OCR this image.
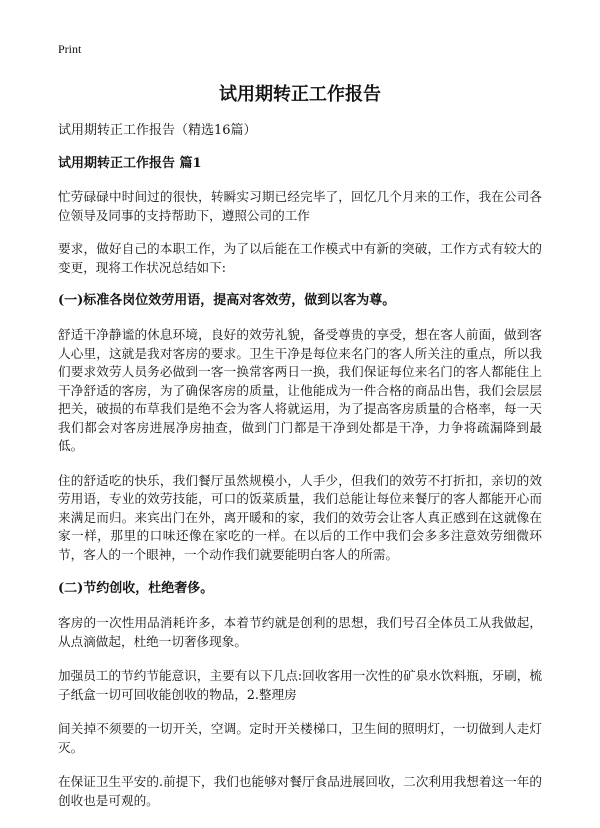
Print
试用期转正工作报告
试用期转正工作报告（精选16篇）
试用期转正工作报告 篇1
忙劳碌碌中时间过的很快，转瞬实习期已经完毕了，回忆几个月来的工作，我在公司各位领导及同事的支持帮助下，遵照公司的工作
要求，做好自己的本职工作，为了以后能在工作模式中有新的突破，工作方式有较大的变更，现将工作状况总结如下:
(一)标准各岗位效劳用语，提高对客效劳，做到以客为尊。
舒适干净静谧的休息环境，良好的效劳礼貌，备受尊贵的享受，想在客人前面，做到客人心里，这就是我对客房的要求。卫生干净是每位来名门的客人所关注的重点，所以我们要求效劳人员务必做到一客一换常客两日一换，我们保证每位来名门的客人都能住上干净舒适的客房，为了确保客房的质量，让他能成为一件合格的商品出售，我们会层层把关，破损的布草我们是绝不会为客人将就运用，为了提高客房质量的合格率，每一天我们都会对客房进展净房抽查，做到门门都是干净到处都是干净，力争将疏漏降到最低。
住的舒适吃的快乐，我们餐厅虽然规模小，人手少，但我们的效劳不打折扣，亲切的效劳用语，专业的效劳技能，可口的饭菜质量，我们总能让每位来餐厅的客人都能开心而来满足而归。来宾出门在外，离开暖和的家，我们的效劳会让客人真正感到在这就像在家一样，那里的口味还像在家吃的一样。在以后的工作中我们会多多注意效劳细微环节，客人的一个眼神，一个动作我们就要能明白客人的所需。
(二)节约创收，杜绝奢侈。
客房的一次性用品消耗许多，本着节约就是创利的思想，我们号召全体员工从我做起，从点滴做起，杜绝一切奢侈现象。
加强员工的节约节能意识，主要有以下几点:回收客用一次性的矿泉水饮料瓶，牙刷，梳子纸盒一切可回收能创收的物品，2.整理房
间关掉不须要的一切开关，空调。定时开关楼梯口，卫生间的照明灯，一切做到人走灯灭。
在保证卫生平安的.前提下，我们也能够对餐厅食品进展回收，二次利用我想着这一年的创收也是可观的。
